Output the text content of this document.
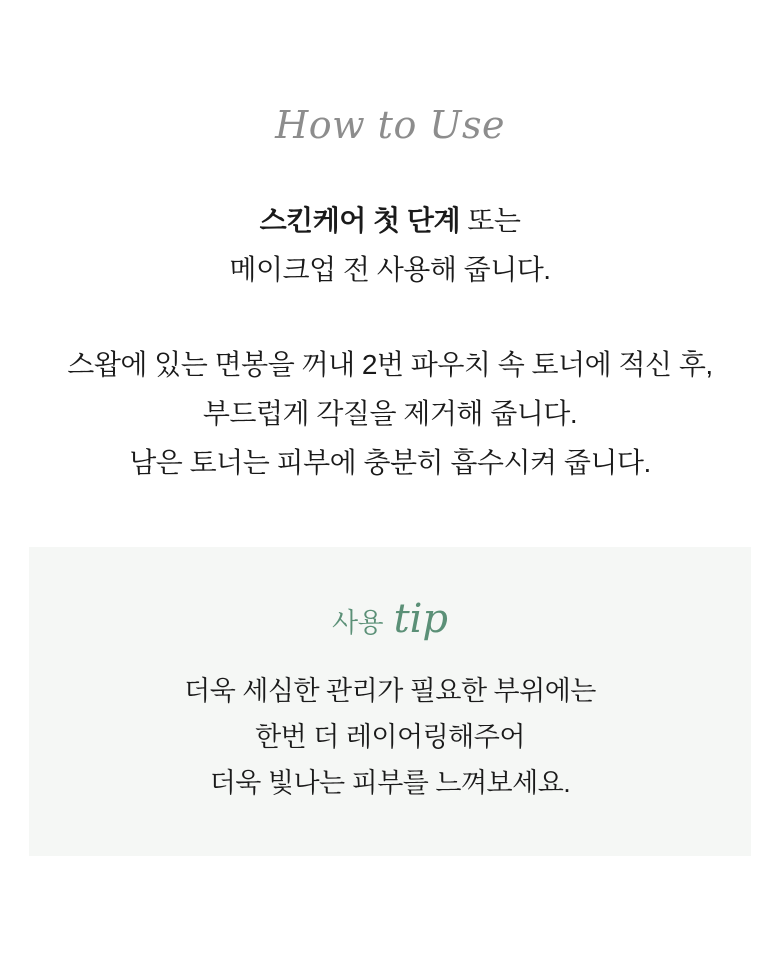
How to Use
스킨케어 첫 단계 또는
메이크업 전 사용해 줍니다.
스왑에 있는 면봉을 꺼내 2번 파우치 속 토너에 적신 후,
부드럽게 각질을 제거해 줍니다.
남은 토너는 피부에 충분히 흡수시켜 줍니다.
사용 tip
더욱 세심한 관리가 필요한 부위에는
한번 더 레이어링해주어
더욱 빛나는 피부를 느껴보세요.
